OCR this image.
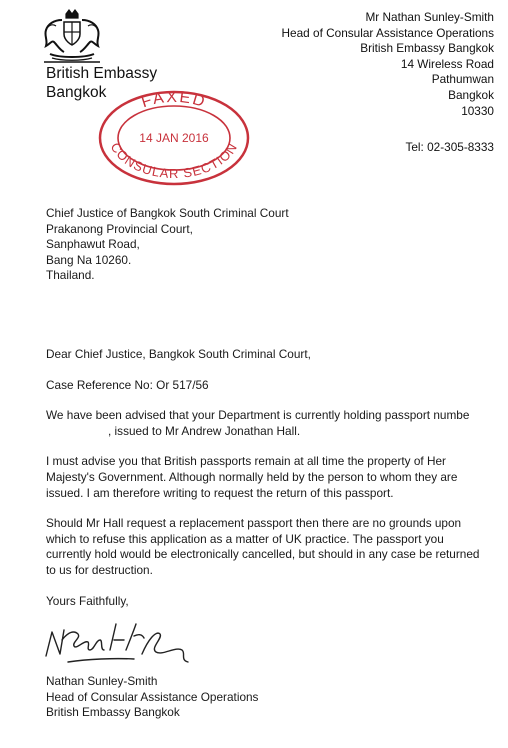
British Embassy
Bangkok
Mr Nathan Sunley-Smith
Head of Consular Assistance Operations
British Embassy Bangkok
14 Wireless Road
Pathumwan
Bangkok
10330
Tel: 02-305-8333
FAXED
14 JAN 2016
CONSULAR SECTION
Chief Justice of Bangkok South Criminal Court
Prakanong Provincial Court,
Sanphawut Road,
Bang Na 10260.
Thailand.

Dear Chief Justice, Bangkok South Criminal Court,

Case Reference No: Or 517/56

We have been advised that your Department is currently holding passport numbe, issued to Mr Andrew Jonathan Hall.

I must advise you that British passports remain at all time the property of Her Majesty's Government. Although normally held by the person to whom they are issued. I am therefore writing to request the return of this passport.

Should Mr Hall request a replacement passport then there are no grounds upon which to refuse this application as a matter of UK practice. The passport you currently hold would be electronically cancelled, but should in any case be returned to us for destruction.

Yours Faithfully,

Nathan Sunley-Smith
Head of Consular Assistance Operations
British Embassy Bangkok
